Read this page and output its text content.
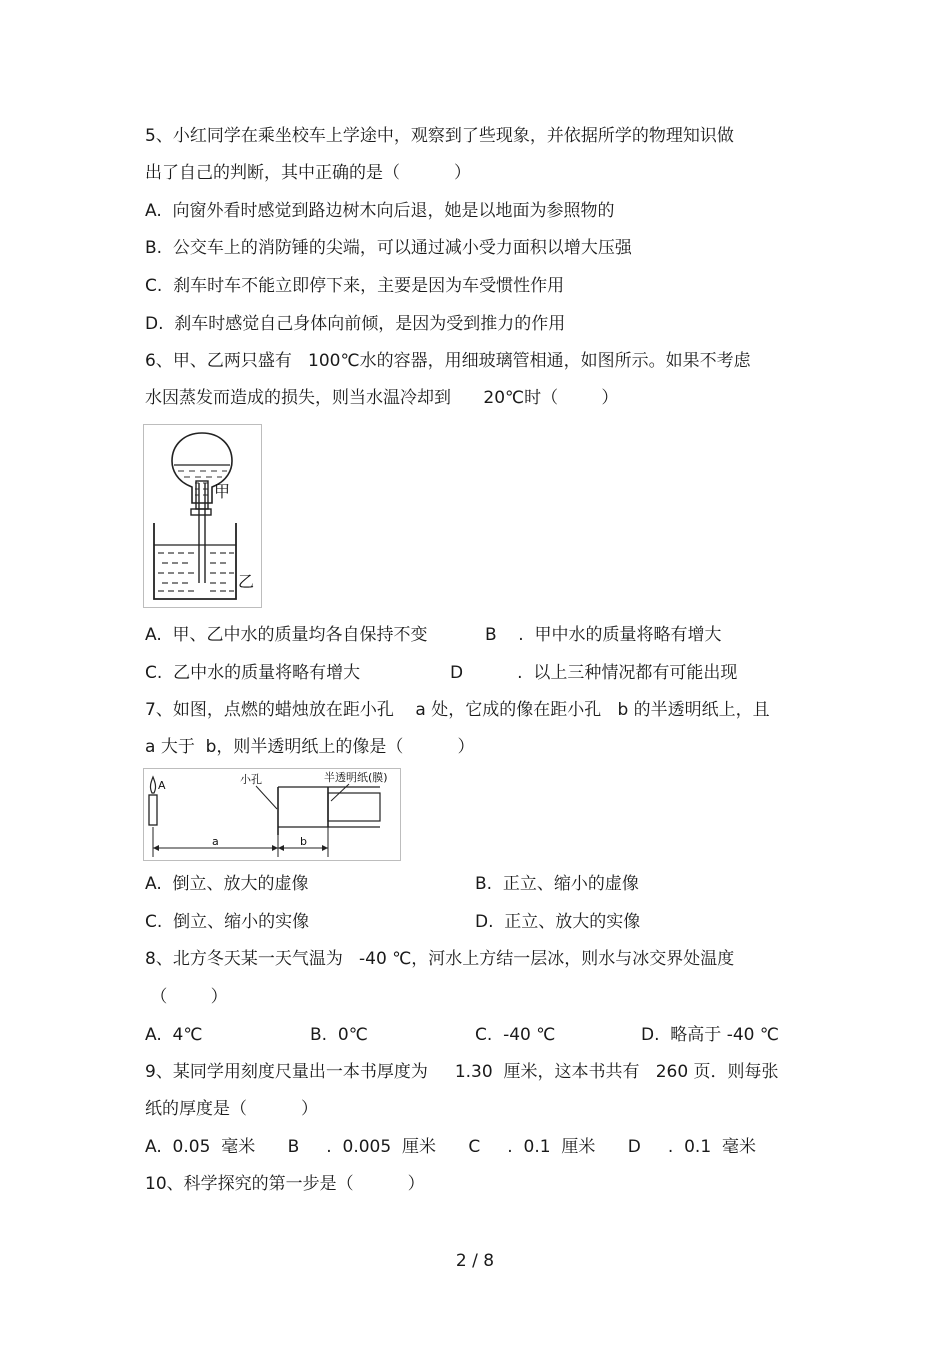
5、小红同学在乘坐校车上学途中，观察到了些现象，并依据所学的物理知识做
出了自己的判断，其中正确的是（          ）
A.  向窗外看时感觉到路边树木向后退，她是以地面为参照物的
B.  公交车上的消防锤的尖端，可以通过减小受力面积以增大压强
C.  刹车时车不能立即停下来，主要是因为车受惯性作用
D.  刹车时感觉自己身体向前倾，是因为受到推力的作用
6、甲、乙两只盛有   100℃水的容器，用细玻璃管相通，如图所示。如果不考虑
水因蒸发而造成的损失，则当水温冷却到      20℃时（        ）
甲
乙
A.  甲、乙中水的质量均各自保持不变	B    .  甲中水的质量将略有增大
C.  乙中水的质量将略有增大	D          .  以上三种情况都有可能出现
7、如图，点燃的蜡烛放在距小孔    a 处，它成的像在距小孔   b 的半透明纸上，且
a 大于  b，则半透明纸上的像是（          ）
A	小孔	半透明纸(膜)
a	b
A.  倒立、放大的虚像	B.  正立、缩小的虚像
C.  倒立、缩小的实像	D.  正立、放大的实像
8、北方冬天某一天气温为   -40 ℃，河水上方结一层冰，则水与冰交界处温度
（        ）
A.  4℃	B.  0℃	C.  -40 ℃	D.  略高于 -40 ℃
9、某同学用刻度尺量出一本书厚度为     1.30  厘米，这本书共有   260 页．则每张
纸的厚度是（          ）
A.  0.05  毫米      B     .  0.005  厘米      C     .  0.1  厘米      D     .  0.1  毫米
10、科学探究的第一步是（          ）
2 / 8
